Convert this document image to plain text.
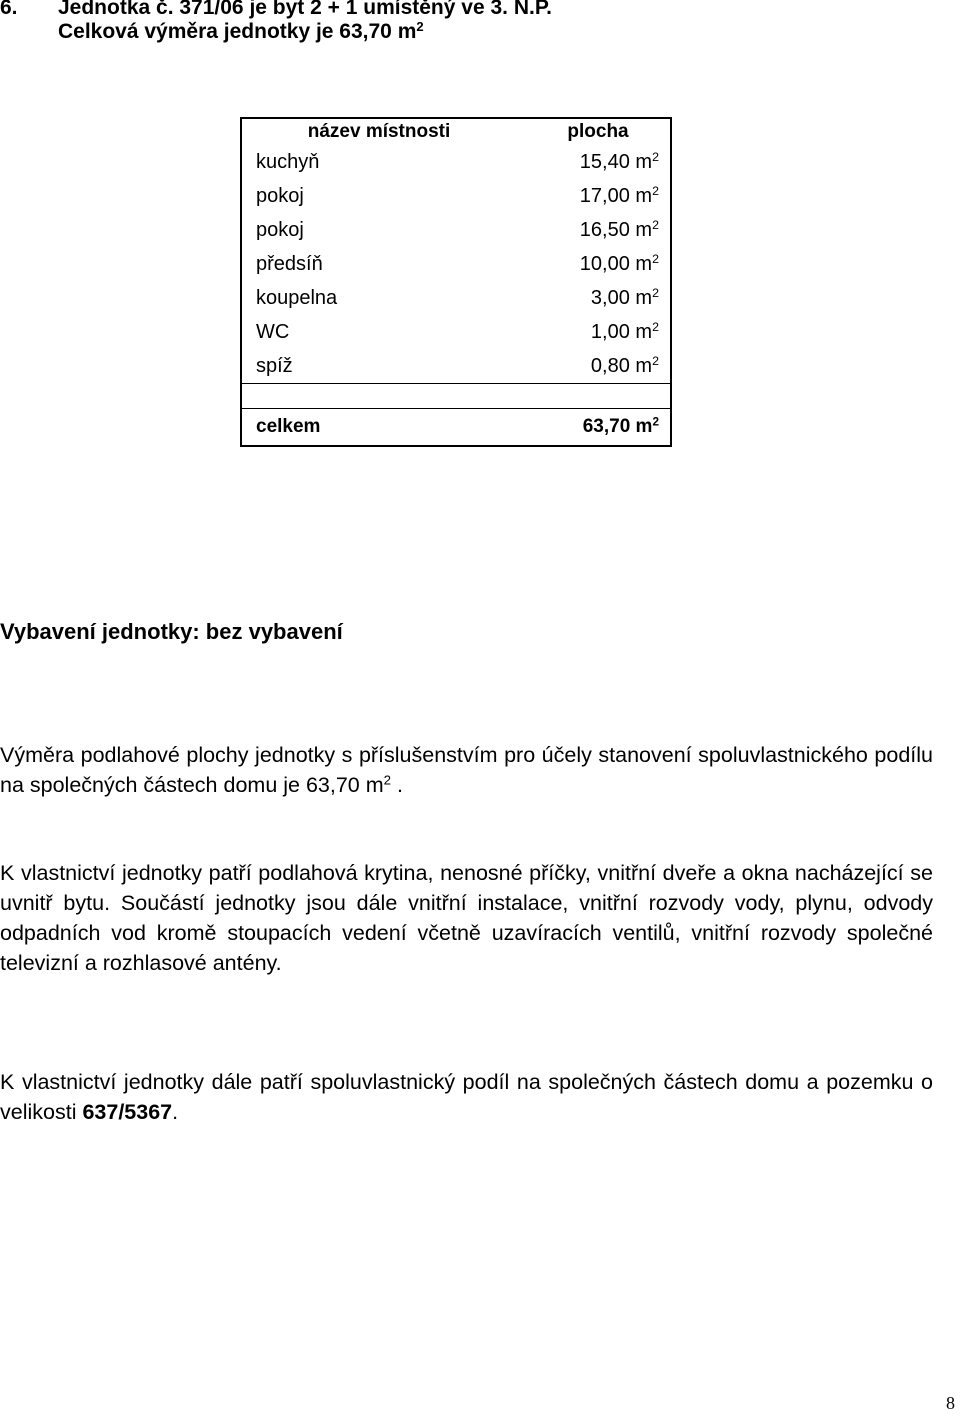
6. Jednotka č. 371/06 je byt 2 + 1 umístěný ve 3. N.P.
Celková výměra jednotky je 63,70 $m^2$
název místnosti	plocha
kuchyň	15,40 $m^2$
pokoj	17,00 $m^2$
pokoj	16,50 $m^2$
předsíň	10,00 $m^2$
koupelna	3,00 $m^2$
WC	1,00 $m^2$
spíž	0,80 $m^2$

celkem	63,70 $m^2$

Vybavení jednotky: bez vybavení

Výměra podlahové plochy jednotky s příslušenstvím pro účely stanovení spoluvlastnického podílu na společných částech domu je 63,70 $m^2$ .

K vlastnictví jednotky patří podlahová krytina, nenosné příčky, vnitřní dveře a okna nacházející se uvnitř bytu. Součástí jednotky jsou dále vnitřní instalace, vnitřní rozvody vody, plynu, odvody odpadních vod kromě stoupacích vedení včetně uzavíracích ventilů, vnitřní rozvody společné televizní a rozhlasové antény.

K vlastnictví jednotky dále patří spoluvlastnický podíl na společných částech domu a pozemku o velikosti 637/5367.

8
